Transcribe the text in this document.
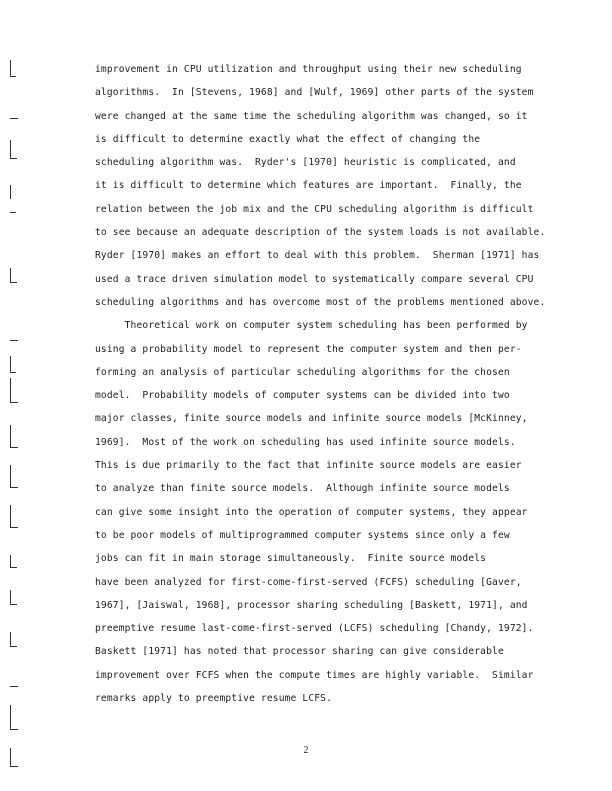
improvement in CPU utilization and throughput using their new scheduling
algorithms.  In [Stevens, 1968] and [Wulf, 1969] other parts of the system
were changed at the same time the scheduling algorithm was changed, so it
is difficult to determine exactly what the effect of changing the
scheduling algorithm was.  Ryder's [1970] heuristic is complicated, and
it is difficult to determine which features are important.  Finally, the
relation between the job mix and the CPU scheduling algorithm is difficult
to see because an adequate description of the system loads is not available.
Ryder [1970] makes an effort to deal with this problem.  Sherman [1971] has
used a trace driven simulation model to systematically compare several CPU
scheduling algorithms and has overcome most of the problems mentioned above.
Theoretical work on computer system scheduling has been performed by
using a probability model to represent the computer system and then per-
forming an analysis of particular scheduling algorithms for the chosen
model.  Probability models of computer systems can be divided into two
major classes, finite source models and infinite source models [McKinney,
1969].  Most of the work on scheduling has used infinite source models.
This is due primarily to the fact that infinite source models are easier
to analyze than finite source models.  Although infinite source models
can give some insight into the operation of computer systems, they appear
to be poor models of multiprogrammed computer systems since only a few
jobs can fit in main storage simultaneously.  Finite source models
have been analyzed for first-come-first-served (FCFS) scheduling [Gaver,
1967], [Jaiswal, 1968], processor sharing scheduling [Baskett, 1971], and
preemptive resume last-come-first-served (LCFS) scheduling [Chandy, 1972].
Baskett [1971] has noted that processor sharing can give considerable
improvement over FCFS when the compute times are highly variable.  Similar
remarks apply to preemptive resume LCFS.
2
